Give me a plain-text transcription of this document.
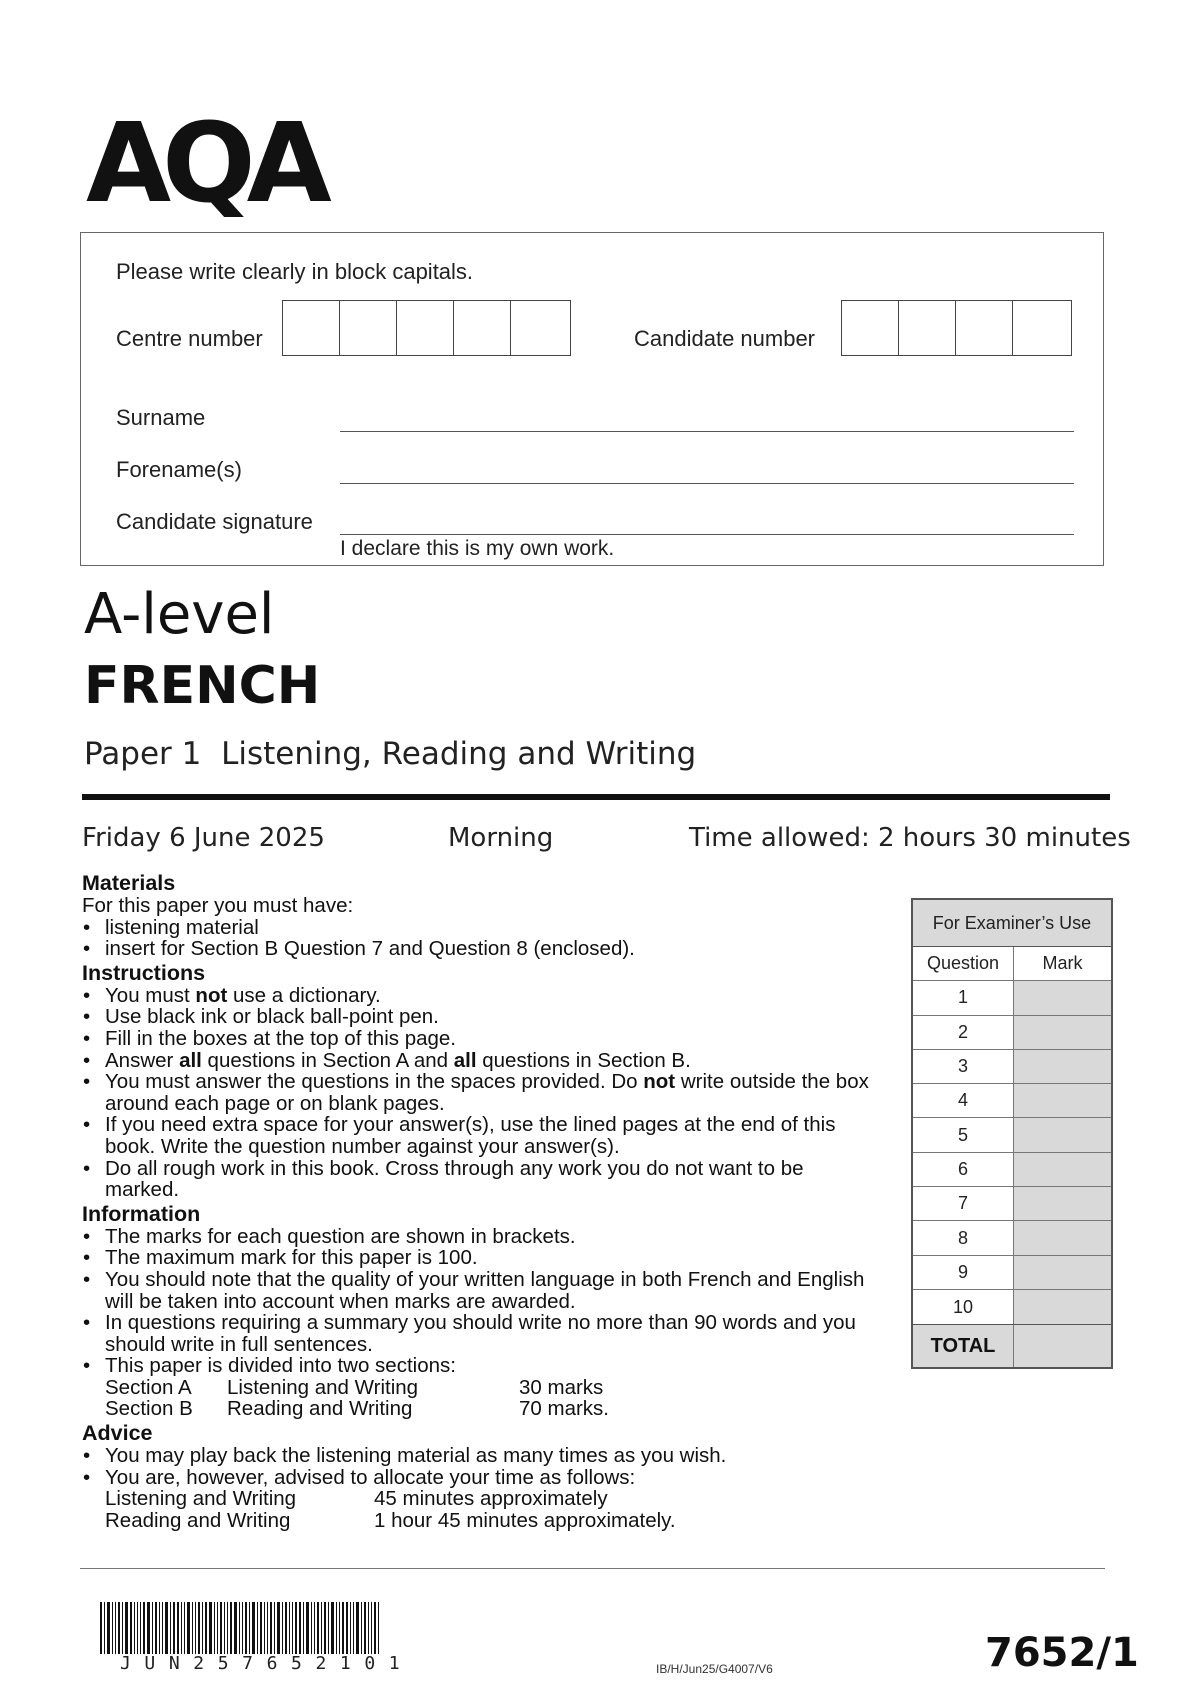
AQA
Please write clearly in block capitals.
Centre number	Candidate number
Surname
Forename(s)
Candidate signature
I declare this is my own work.
A-level
FRENCH
Paper 1  Listening, Reading and Writing
Friday 6 June 2025	Morning	Time allowed: 2 hours 30 minutes
Materials

For this paper you must have:

• listening material
• insert for Section B Question 7 and Question 8 (enclosed).
Instructions
• You must not use a dictionary.
• Use black ink or black ball-point pen.
• Fill in the boxes at the top of this page.
• Answer all questions in Section A and all questions in Section B.
• You must answer the questions in the spaces provided. Do not write outside the box around each page or on blank pages.
• If you need extra space for your answer(s), use the lined pages at the end of this book. Write the question number against your answer(s).
• Do all rough work in this book. Cross through any work you do not want to be marked.
Information
• The marks for each question are shown in brackets.
• The maximum mark for this paper is 100.
• You should note that the quality of your written language in both French and English will be taken into account when marks are awarded.
• In questions requiring a summary you should write no more than 90 words and you should write in full sentences.
• This paper is divided into two sections:
Section A	Listening and Writing	30 marks
Section B	Reading and Writing	70 marks.
Advice
• You may play back the listening material as many times as you wish.
• You are, however, advised to allocate your time as follows:
Listening and Writing	45 minutes approximately
Reading and Writing	1 hour 45 minutes approximately.
For Examiner’s Use
Question	Mark
1
2
3
4
5
6
7
8
9
10
TOTAL
JUN257652101	IB/H/Jun25/G4007/V6	7652/1
